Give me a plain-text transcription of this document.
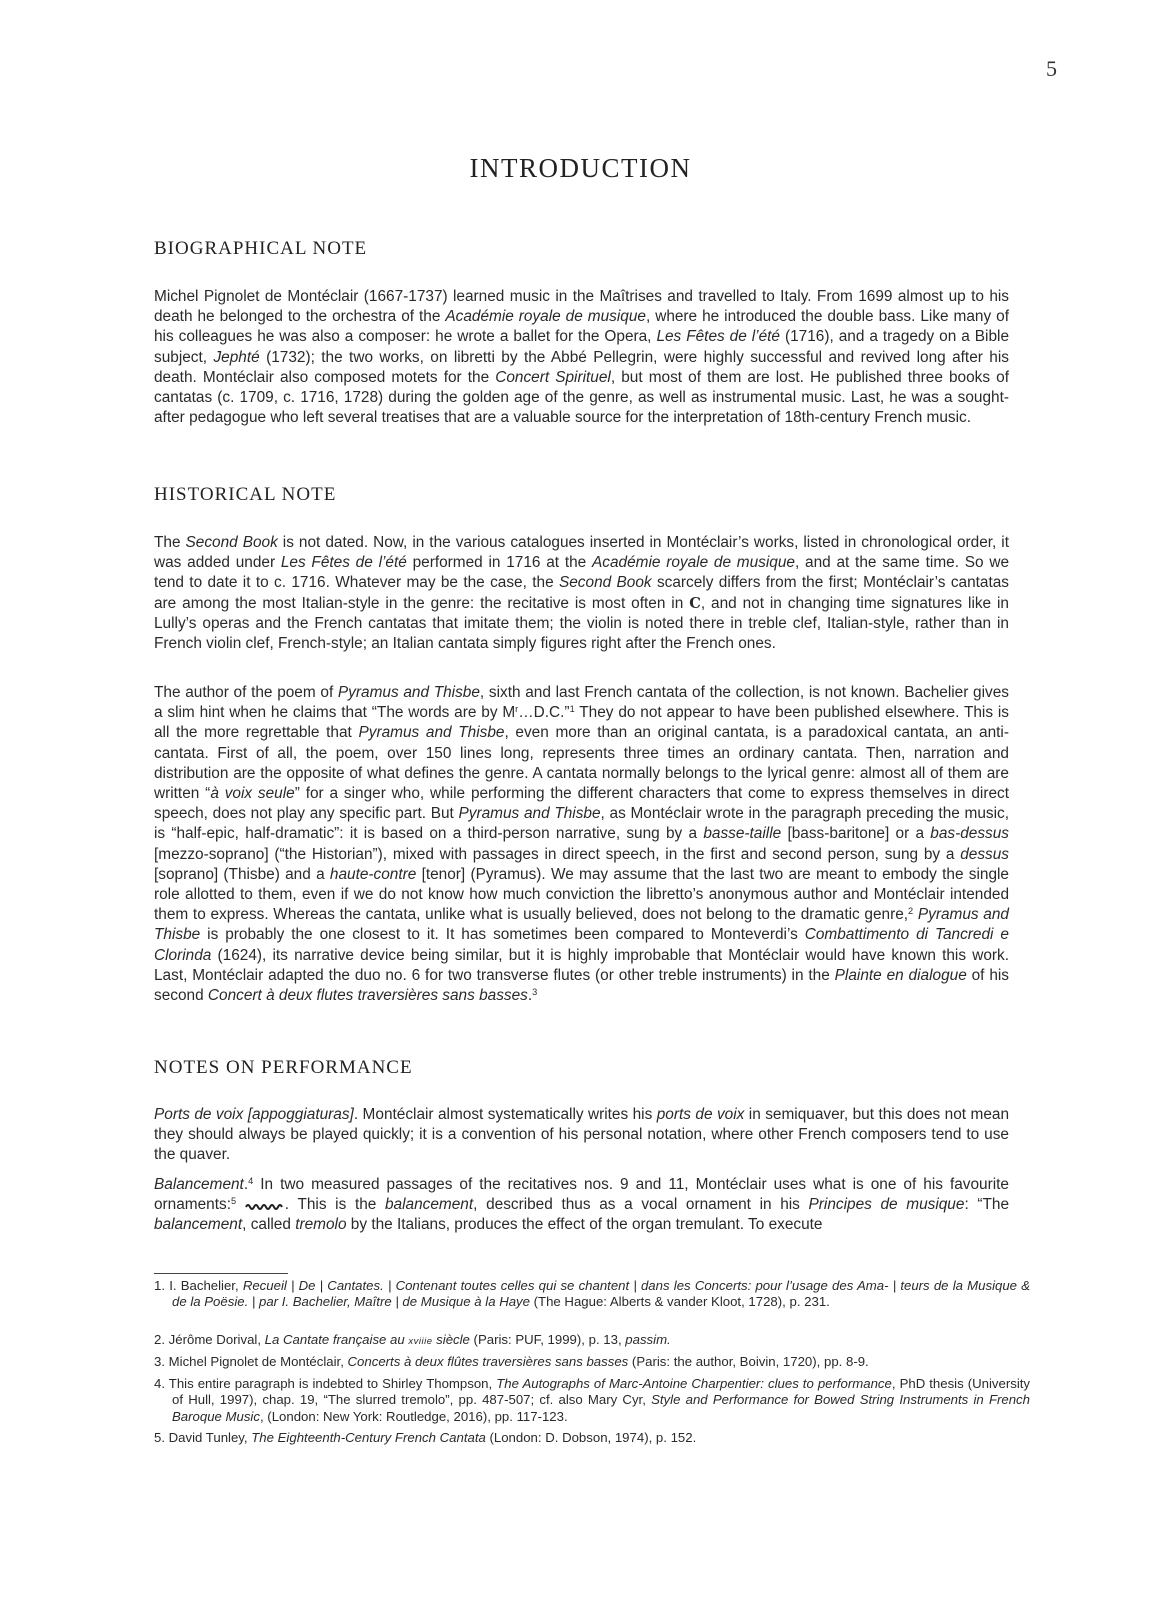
5
INTRODUCTION
BIOGRAPHICAL NOTE

Michel Pignolet de Montéclair (1667-1737) learned music in the Maîtrises and travelled to Italy. From 1699 almost up to his death he belonged to the orchestra of the Académie royale de musique, where he introduced the double bass. Like many of his colleagues he was also a composer: he wrote a ballet for the Opera, Les Fêtes de l’été (1716), and a tragedy on a Bible subject, Jephté (1732); the two works, on libretti by the Abbé Pellegrin, were highly successful and revived long after his death. Montéclair also composed motets for the Concert Spirituel, but most of them are lost. He published three books of cantatas (c. 1709, c. 1716, 1728) during the golden age of the genre, as well as instrumental music. Last, he was a sought-after pedagogue who left several treatises that are a valuable source for the interpretation of 18th-century French music.

HISTORICAL NOTE

The Second Book is not dated. Now, in the various catalogues inserted in Montéclair’s works, listed in chronological order, it was added under Les Fêtes de l’été performed in 1716 at the Académie royale de musique, and at the same time. So we tend to date it to c. 1716. Whatever may be the case, the Second Book scarcely differs from the first; Montéclair’s cantatas are among the most Italian-style in the genre: the recitative is most often in C, and not in changing time signatures like in Lully’s operas and the French cantatas that imitate them; the violin is noted there in treble clef, Italian-style, rather than in French violin clef, French-style; an Italian cantata simply figures right after the French ones.

The author of the poem of Pyramus and Thisbe, sixth and last French cantata of the collection, is not known. Bachelier gives a slim hint when he claims that “The words are by $M^r\dots D.C.”^1$ They do not appear to have been published elsewhere. This is all the more regrettable that Pyramus and Thisbe, even more than an original cantata, is a paradoxical cantata, an anti-cantata. First of all, the poem, over 150 lines long, represents three times an ordinary cantata. Then, narration and distribution are the opposite of what defines the genre. A cantata normally belongs to the lyrical genre: almost all of them are written “à voix seule” for a singer who, while performing the different characters that come to express themselves in direct speech, does not play any specific part. But Pyramus and Thisbe, as Montéclair wrote in the paragraph preceding the music, is “half-epic, half-dramatic”: it is based on a third-person narrative, sung by a basse-taille [bass-baritone] or a bas-dessus [mezzo-soprano] (“the Historian”), mixed with passages in direct speech, in the first and second person, sung by a dessus [soprano] (Thisbe) and a haute-contre [tenor] (Pyramus). We may assume that the last two are meant to embody the single role allotted to them, even if we do not know how much conviction the libretto’s anonymous author and Montéclair intended them to express. Whereas the cantata, unlike what is usually believed, does not belong to the dramatic genre,$^2$ Pyramus and Thisbe is probably the one closest to it. It has sometimes been compared to Monteverdi’s Combattimento di Tancredi e Clorinda (1624), its narrative device being similar, but it is highly improbable that Montéclair would have known this work. Last, Montéclair adapted the duo no. 6 for two transverse flutes (or other treble instruments) in the Plainte en dialogue of his second Concert à deux flutes traversières sans basses.$^3$

NOTES ON PERFORMANCE

Ports de voix [appoggiaturas]. Montéclair almost systematically writes his ports de voix in semiquaver, but this does not mean they should always be played quickly; it is a convention of his personal notation, where other French composers tend to use the quaver.

Balancement.$^4$ In two measured passages of the recitatives nos. 9 and 11, Montéclair uses what is one of his favourite ornaments:$^5$	. This is the balancement, described thus as a vocal ornament in his Principes de musique: “The balancement, called tremolo by the Italians, produces the effect of the organ tremulant. To execute

1. I. Bachelier, Recueil | De | Cantates. | Contenant toutes celles qui se chantent | dans les Concerts: pour l’usage des Ama- | teurs de la Musique & de la Poësie. | par I. Bachelier, Maître | de Musique à la Haye (The Hague: Alberts & vander Kloot, 1728), p. 231.

2. Jérôme Dorival, La Cantate française au xviiie siècle (Paris: PUF, 1999), p. 13, passim.

3. Michel Pignolet de Montéclair, Concerts à deux flûtes traversières sans basses (Paris: the author, Boivin, 1720), pp. 8-9.

4. This entire paragraph is indebted to Shirley Thompson, The Autographs of Marc-Antoine Charpentier: clues to performance, PhD thesis (University of Hull, 1997), chap. 19, “The slurred tremolo”, pp. 487-507; cf. also Mary Cyr, Style and Performance for Bowed String Instruments in French Baroque Music, (London: New York: Routledge, 2016), pp. 117-123.

5. David Tunley, The Eighteenth-Century French Cantata (London: D. Dobson, 1974), p. 152.
